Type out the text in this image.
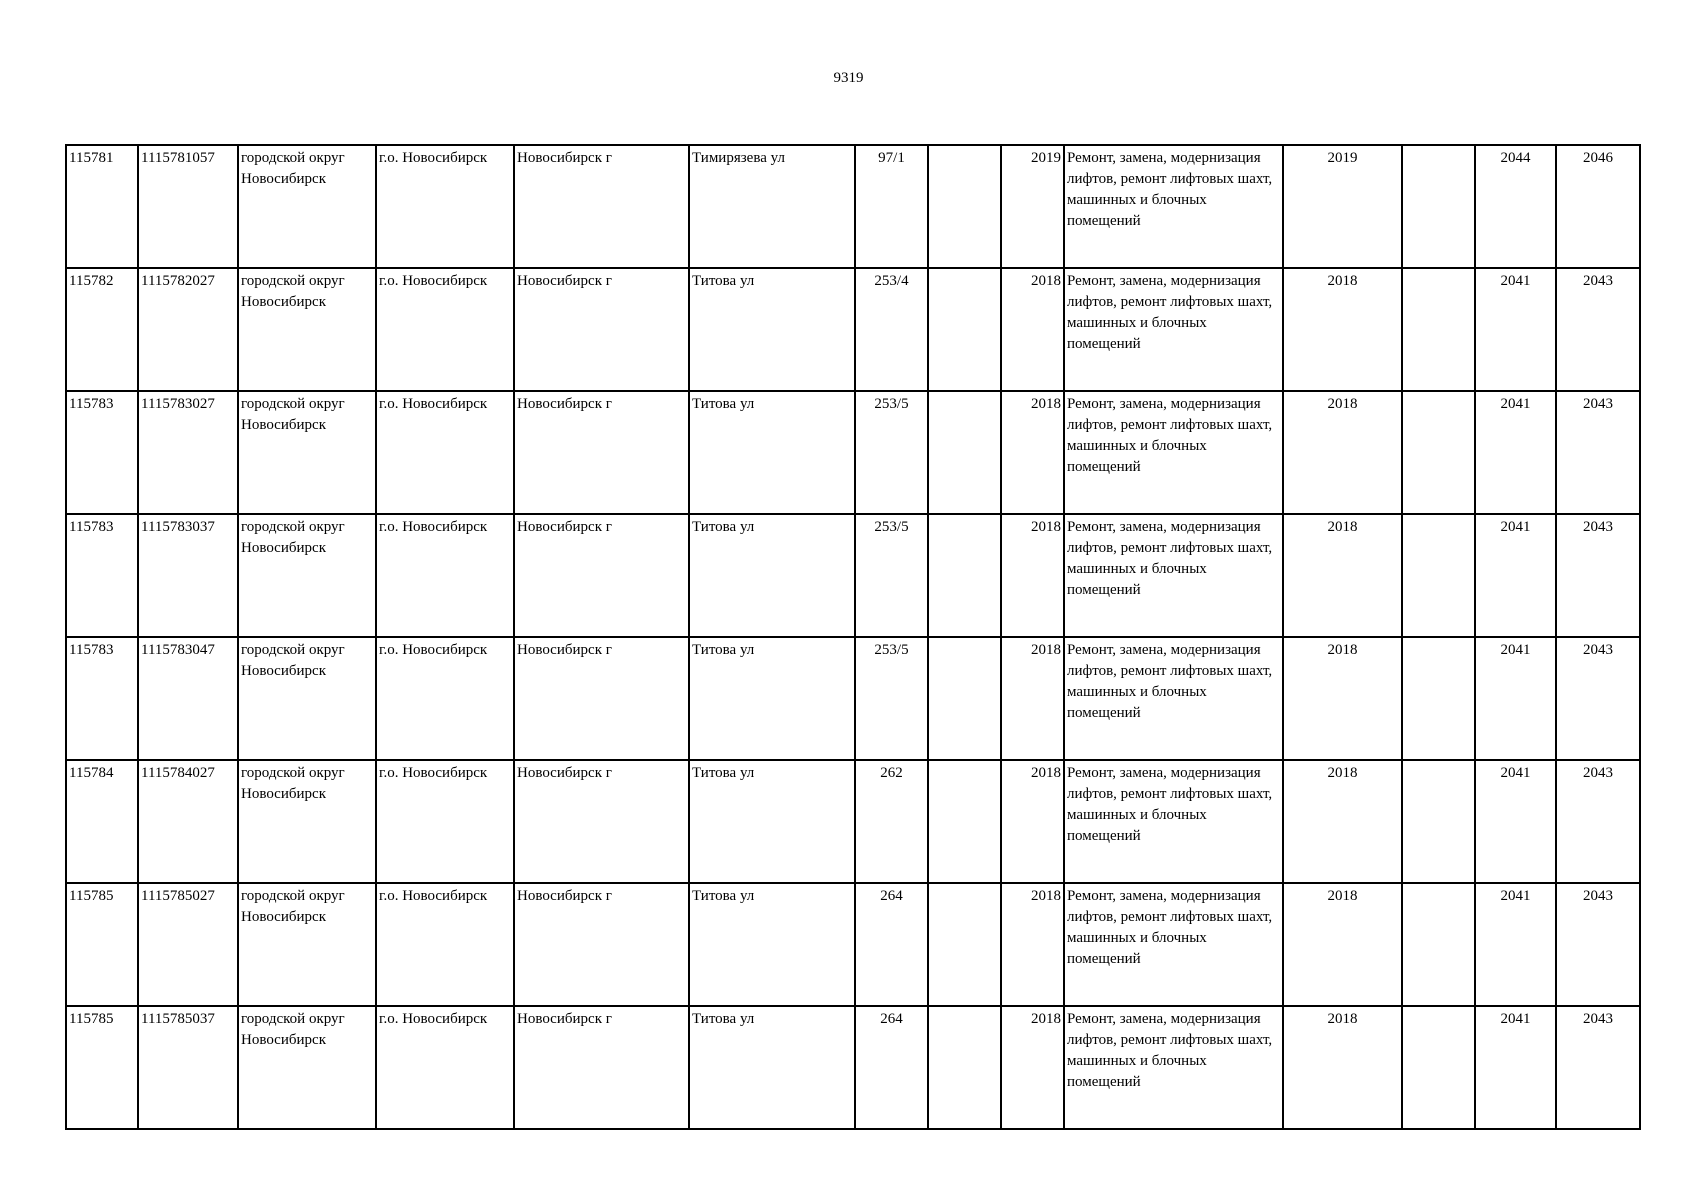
9319
115781	1115781057	городской округ Новосибирск	г.о. Новосибирск	Новосибирск г	Тимирязева ул	97/1		2019	Ремонт, замена, модернизация лифтов, ремонт лифтовых шахт, машинных и блочных помещений	2019		2044	2046
115782	1115782027	городской округ Новосибирск	г.о. Новосибирск	Новосибирск г	Титова ул	253/4		2018	Ремонт, замена, модернизация лифтов, ремонт лифтовых шахт, машинных и блочных помещений	2018		2041	2043
115783	1115783027	городской округ Новосибирск	г.о. Новосибирск	Новосибирск г	Титова ул	253/5		2018	Ремонт, замена, модернизация лифтов, ремонт лифтовых шахт, машинных и блочных помещений	2018		2041	2043
115783	1115783037	городской округ Новосибирск	г.о. Новосибирск	Новосибирск г	Титова ул	253/5		2018	Ремонт, замена, модернизация лифтов, ремонт лифтовых шахт, машинных и блочных помещений	2018		2041	2043
115783	1115783047	городской округ Новосибирск	г.о. Новосибирск	Новосибирск г	Титова ул	253/5		2018	Ремонт, замена, модернизация лифтов, ремонт лифтовых шахт, машинных и блочных помещений	2018		2041	2043
115784	1115784027	городской округ Новосибирск	г.о. Новосибирск	Новосибирск г	Титова ул	262		2018	Ремонт, замена, модернизация лифтов, ремонт лифтовых шахт, машинных и блочных помещений	2018		2041	2043
115785	1115785027	городской округ Новосибирск	г.о. Новосибирск	Новосибирск г	Титова ул	264		2018	Ремонт, замена, модернизация лифтов, ремонт лифтовых шахт, машинных и блочных помещений	2018		2041	2043
115785	1115785037	городской округ Новосибирск	г.о. Новосибирск	Новосибирск г	Титова ул	264		2018	Ремонт, замена, модернизация лифтов, ремонт лифтовых шахт, машинных и блочных помещений	2018		2041	2043
